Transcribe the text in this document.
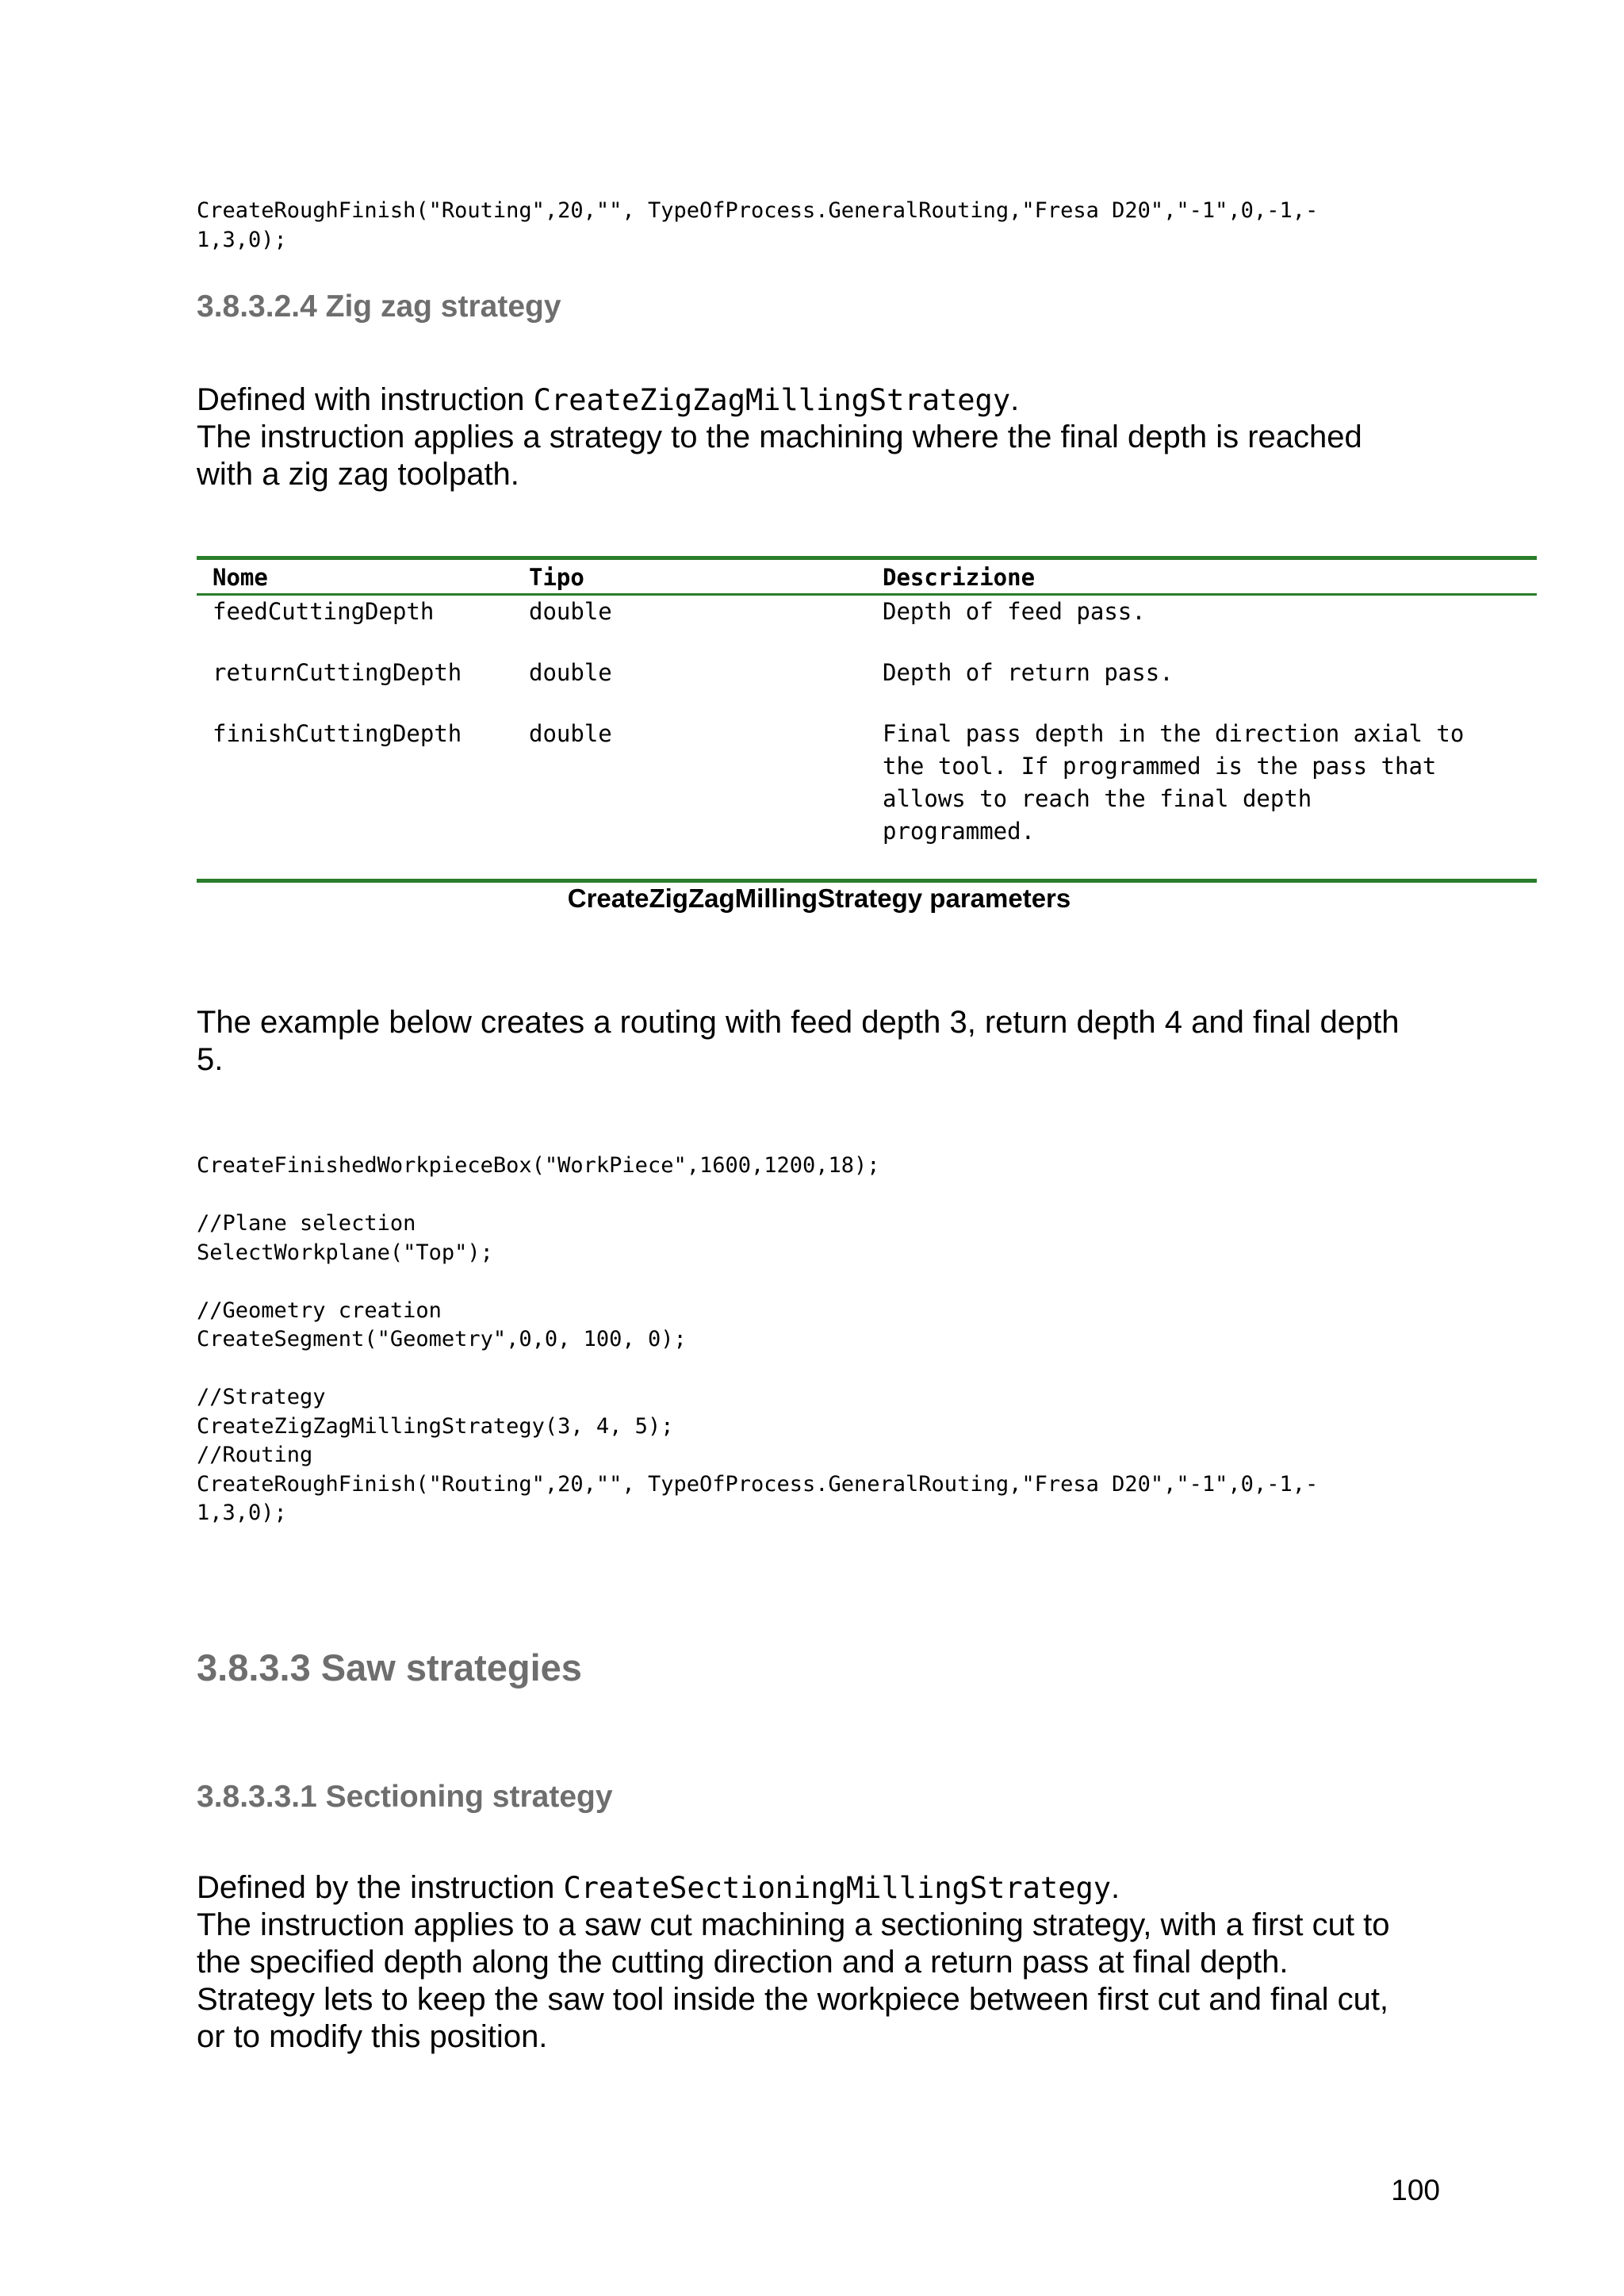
CreateRoughFinish("Routing",20,"", TypeOfProcess.GeneralRouting,"Fresa D20","-1",0,-1,-
1,3,0);
3.8.3.2.4 Zig zag strategy
Defined with instruction CreateZigZagMillingStrategy.
The instruction applies a strategy to the machining where the final depth is reached
with a zig zag toolpath.
Nome	Tipo	Descrizione
feedCuttingDepth	double	Depth of feed pass.
returnCuttingDepth	double	Depth of return pass.
finishCuttingDepth	double	Final pass depth in the direction axial to
the tool. If programmed is the pass that
allows to reach the final depth
programmed.
CreateZigZagMillingStrategy parameters
The example below creates a routing with feed depth 3, return depth 4 and final depth
5.
CreateFinishedWorkpieceBox("WorkPiece",1600,1200,18);

//Plane selection
SelectWorkplane("Top");

//Geometry creation
CreateSegment("Geometry",0,0, 100, 0);

//Strategy
CreateZigZagMillingStrategy(3, 4, 5);
//Routing
CreateRoughFinish("Routing",20,"", TypeOfProcess.GeneralRouting,"Fresa D20","-1",0,-1,-
1,3,0);
3.8.3.3 Saw strategies
3.8.3.3.1 Sectioning strategy
Defined by the instruction CreateSectioningMillingStrategy.
The instruction applies to a saw cut machining a sectioning strategy, with a first cut to
the specified depth along the cutting direction and a return pass at final depth.
Strategy lets to keep the saw tool inside the workpiece between first cut and final cut,
or to modify this position.
100
